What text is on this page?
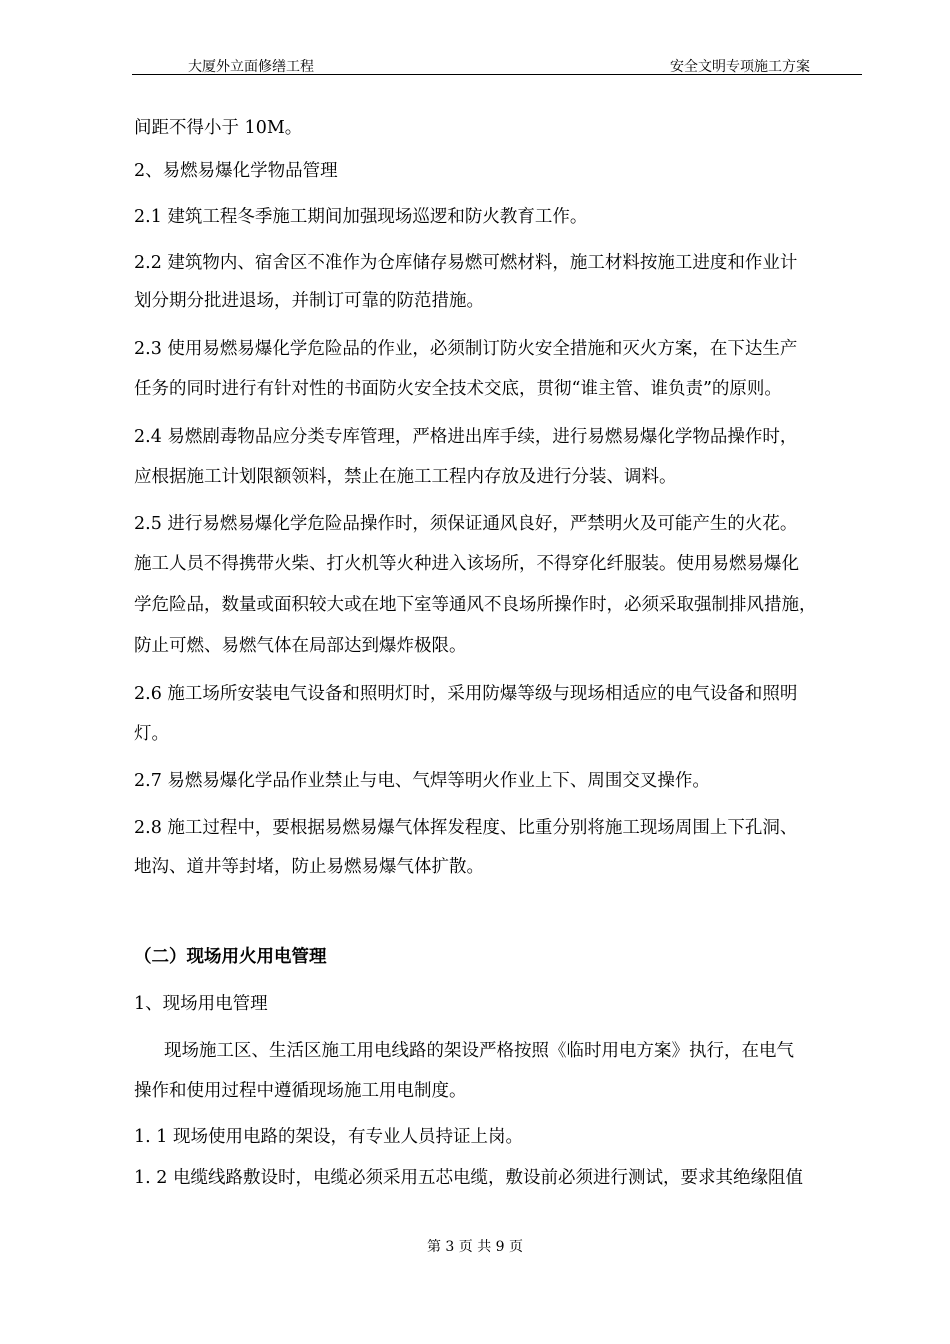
大厦外立面修缮工程	安全文明专项施工方案
间距不得小于 10M。
2、易燃易爆化学物品管理
2.1 建筑工程冬季施工期间加强现场巡逻和防火教育工作。
2.2 建筑物内、宿舍区不准作为仓库储存易燃可燃材料，施工材料按施工进度和作业计
划分期分批进退场，并制订可靠的防范措施。
2.3 使用易燃易爆化学危险品的作业，必须制订防火安全措施和灭火方案，在下达生产
任务的同时进行有针对性的书面防火安全技术交底，贯彻“谁主管、谁负责”的原则。
2.4 易燃剧毒物品应分类专库管理，严格进出库手续，进行易燃易爆化学物品操作时，
应根据施工计划限额领料，禁止在施工工程内存放及进行分装、调料。
2.5 进行易燃易爆化学危险品操作时，须保证通风良好，严禁明火及可能产生的火花。
施工人员不得携带火柴、打火机等火种进入该场所，不得穿化纤服装。使用易燃易爆化
学危险品，数量或面积较大或在地下室等通风不良场所操作时，必须采取强制排风措施，
防止可燃、易燃气体在局部达到爆炸极限。
2.6 施工场所安装电气设备和照明灯时，采用防爆等级与现场相适应的电气设备和照明
灯。
2.7 易燃易爆化学品作业禁止与电、气焊等明火作业上下、周围交叉操作。
2.8 施工过程中，要根据易燃易爆气体挥发程度、比重分别将施工现场周围上下孔洞、
地沟、道井等封堵，防止易燃易爆气体扩散。
（二）现场用火用电管理
1、现场用电管理
现场施工区、生活区施工用电线路的架设严格按照《临时用电方案》执行，在电气
操作和使用过程中遵循现场施工用电制度。
1. 1 现场使用电路的架设，有专业人员持证上岗。
1. 2 电缆线路敷设时，电缆必须采用五芯电缆，敷设前必须进行测试，要求其绝缘阻值
第 3 页 共 9 页
